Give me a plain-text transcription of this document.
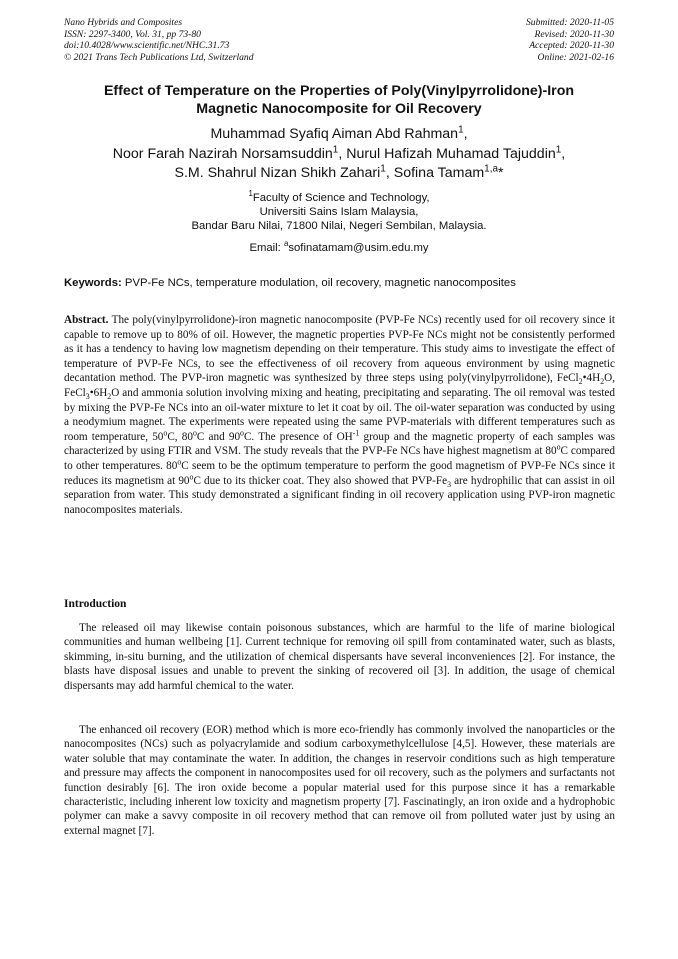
Nano Hybrids and Composites
ISSN: 2297-3400, Vol. 31, pp 73-80
doi:10.4028/www.scientific.net/NHC.31.73
© 2021 Trans Tech Publications Ltd, Switzerland
Submitted: 2020-11-05
Revised: 2020-11-30
Accepted: 2020-11-30
Online: 2021-02-16
Effect of Temperature on the Properties of Poly(Vinylpyrrolidone)-Iron
Magnetic Nanocomposite for Oil Recovery
Muhammad Syafiq Aiman Abd Rahman$^1$,
Noor Farah Nazirah Norsamsuddin$^1$, Nurul Hafizah Muhamad Tajuddin$^1$,
S.M. Shahrul Nizan Shikh Zahari$^1$, Sofina Tamam$^{1,a}$*
$^1$Faculty of Science and Technology,
Universiti Sains Islam Malaysia,
Bandar Baru Nilai, 71800 Nilai, Negeri Sembilan, Malaysia.
Email: $^a$sofinatamam@usim.edu.my
Keywords: PVP-Fe NCs, temperature modulation, oil recovery, magnetic nanocomposites
Abstract. The poly(vinylpyrrolidone)-iron magnetic nanocomposite (PVP-Fe NCs) recently used for oil recovery since it capable to remove up to 80% of oil. However, the magnetic properties PVP-Fe NCs might not be consistently performed as it has a tendency to having low magnetism depending on their temperature. This study aims to investigate the effect of temperature of PVP-Fe NCs, to see the effectiveness of oil recovery from aqueous environment by using magnetic decantation method. The PVP-iron magnetic was synthesized by three steps using poly(vinylpyrrolidone), $FeCl_2•4H_2O$, $FeCl_3•6H_2O$ and ammonia solution involving mixing and heating, precipitating and separating. The oil removal was tested by mixing the PVP-Fe NCs into an oil-water mixture to let it coat by oil. The oil-water separation was conducted by using a neodymium magnet. The experiments were repeated using the same PVP-materials with different temperatures such as room temperature, 50$^o$C, 80$^o$C and 90$^o$C. The presence of $OH^{-1}$ group and the magnetic property of each samples was characterized by using FTIR and VSM. The study reveals that the PVP-Fe NCs have highest magnetism at 80$^o$C compared to other temperatures. 80$^o$C seem to be the optimum temperature to perform the good magnetism of PVP-Fe NCs since it reduces its magnetism at 90$^o$C due to its thicker coat. They also showed that PVP-$Fe_3$ are hydrophilic that can assist in oil separation from water. This study demonstrated a significant finding in oil recovery application using PVP-iron magnetic nanocomposites materials.
Introduction
The released oil may likewise contain poisonous substances, which are harmful to the life of marine biological communities and human wellbeing [1]. Current technique for removing oil spill from contaminated water, such as blasts, skimming, in-situ burning, and the utilization of chemical dispersants have several inconveniences [2]. For instance, the blasts have disposal issues and unable to prevent the sinking of recovered oil [3]. In addition, the usage of chemical dispersants may add harmful chemical to the water.
The enhanced oil recovery (EOR) method which is more eco-friendly has commonly involved the nanoparticles or the nanocomposites (NCs) such as polyacrylamide and sodium carboxymethylcellulose [4,5]. However, these materials are water soluble that may contaminate the water. In addition, the changes in reservoir conditions such as high temperature and pressure may affects the component in nanocomposites used for oil recovery, such as the polymers and surfactants not function desirably [6]. The iron oxide become a popular material used for this purpose since it has a remarkable characteristic, including inherent low toxicity and magnetism property [7]. Fascinatingly, an iron oxide and a hydrophobic polymer can make a savvy composite in oil recovery method that can remove oil from polluted water just by using an external magnet [7].
